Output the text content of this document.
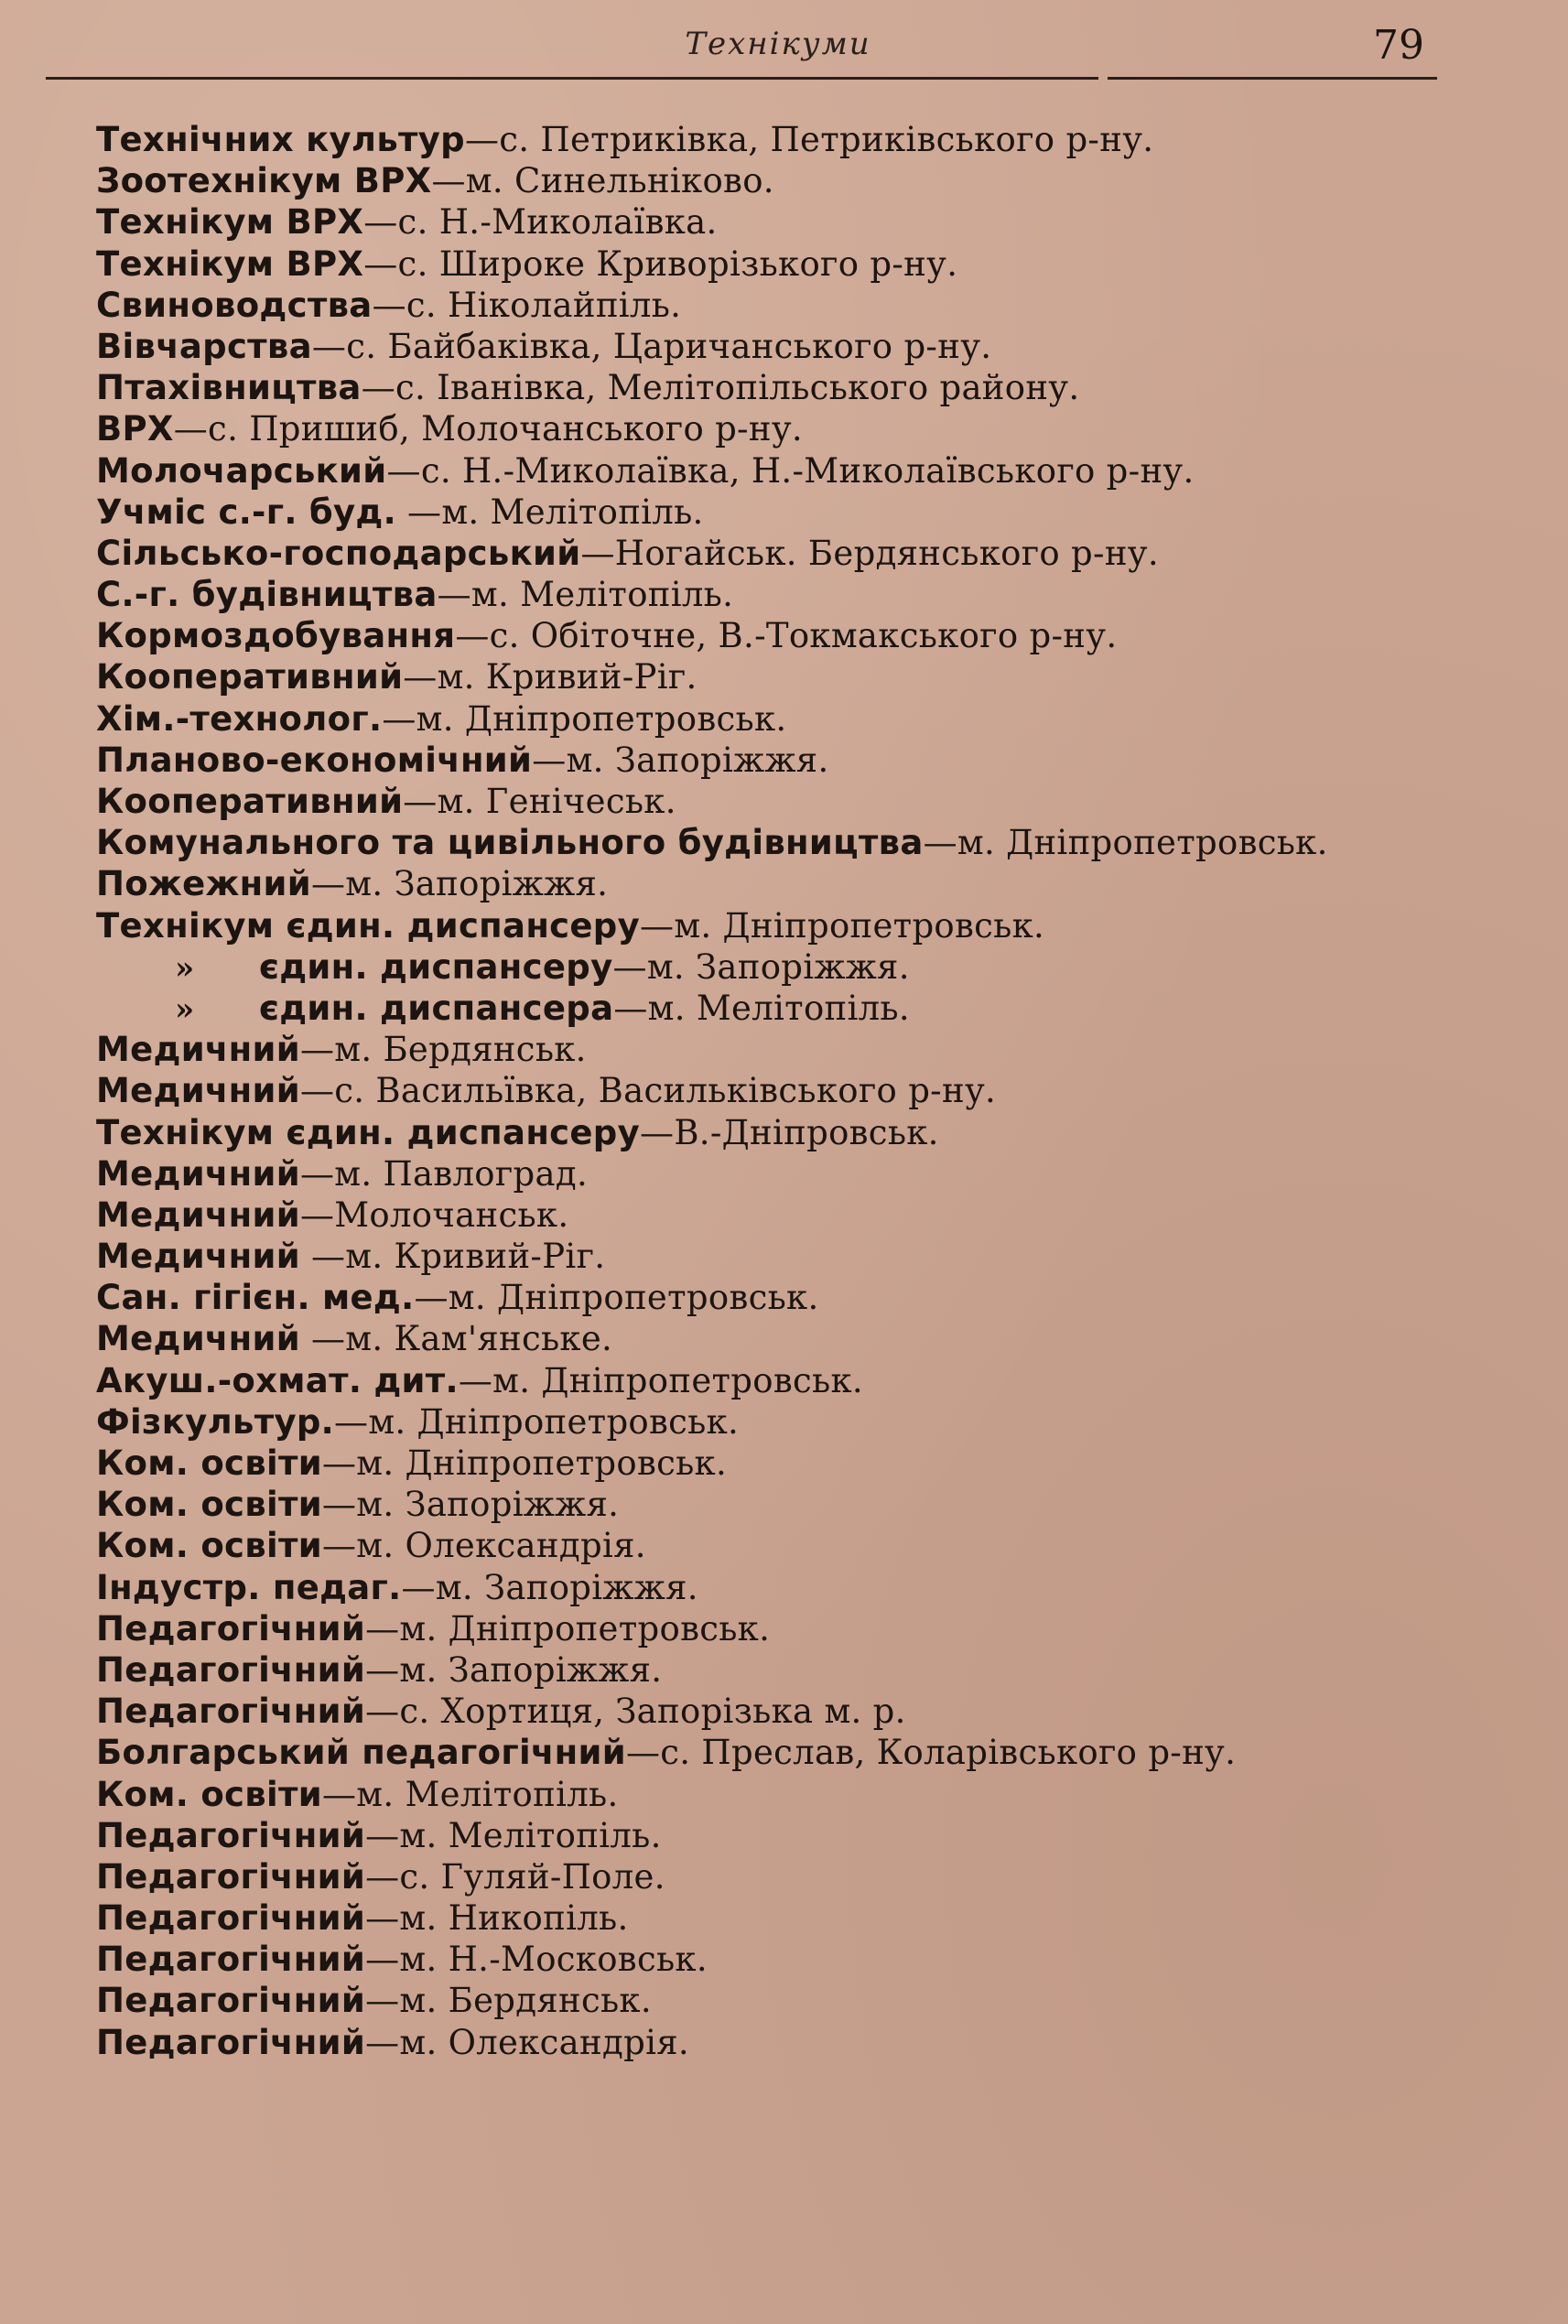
Технікуми	79
Технічних культур—с. Петриківка, Петриківського р-ну.
Зоотехнікум ВРХ—м. Синельніково.
Технікум ВРХ—с. Н.-Миколаївка.
Технікум ВРХ—с. Широке Криворізького р-ну.
Свиноводства—с. Ніколайпіль.
Вівчарства—с. Байбаківка, Царичанського р-ну.
Птахівництва—с. Іванівка, Мелітопільського району.
ВРХ—с. Пришиб, Молочанського р-ну.
Молочарський—с. Н.-Миколаївка, Н.-Миколаївського р-ну.
Учміс с.-г. буд. —м. Мелітопіль.
Сільсько-господарський—Ногайськ. Бердянського р-ну.
С.-г. будівництва—м. Мелітопіль.
Кормоздобування—с. Обіточне, В.-Токмакського р-ну.
Кооперативний—м. Кривий-Ріг.
Хім.-технолог.—м. Дніпропетровськ.
Планово-економічний—м. Запоріжжя.
Кооперативний—м. Генічеськ.
Комунального та цивільного будівництва—м. Дніпропетровськ.
Пожежний—м. Запоріжжя.
Технікум єдин. диспансеру—м. Дніпропетровськ.
» єдин. диспансеру—м. Запоріжжя.
» єдин. диспансера—м. Мелітопіль.
Медичний—м. Бердянськ.
Медичний—с. Васильївка, Васильківського р-ну.
Технікум єдин. диспансеру—В.-Дніпровськ.
Медичний—м. Павлоград.
Медичний—Молочанськ.
Медичний —м. Кривий-Ріг.
Сан. гігієн. мед.—м. Дніпропетровськ.
Медичний —м. Кам'янське.
Акуш.-охмат. дит.—м. Дніпропетровськ.
Фізкультур.—м. Дніпропетровськ.
Ком. освіти—м. Дніпропетровськ.
Ком. освіти—м. Запоріжжя.
Ком. освіти—м. Олександрія.
Індустр. педаг.—м. Запоріжжя.
Педагогічний—м. Дніпропетровськ.
Педагогічний—м. Запоріжжя.
Педагогічний—с. Хортиця, Запорізька м. р.
Болгарський педагогічний—с. Преслав, Коларівського р-ну.
Ком. освіти—м. Мелітопіль.
Педагогічний—м. Мелітопіль.
Педагогічний—с. Гуляй-Поле.
Педагогічний—м. Никопіль.
Педагогічний—м. Н.-Московськ.
Педагогічний—м. Бердянськ.
Педагогічний—м. Олександрія.
